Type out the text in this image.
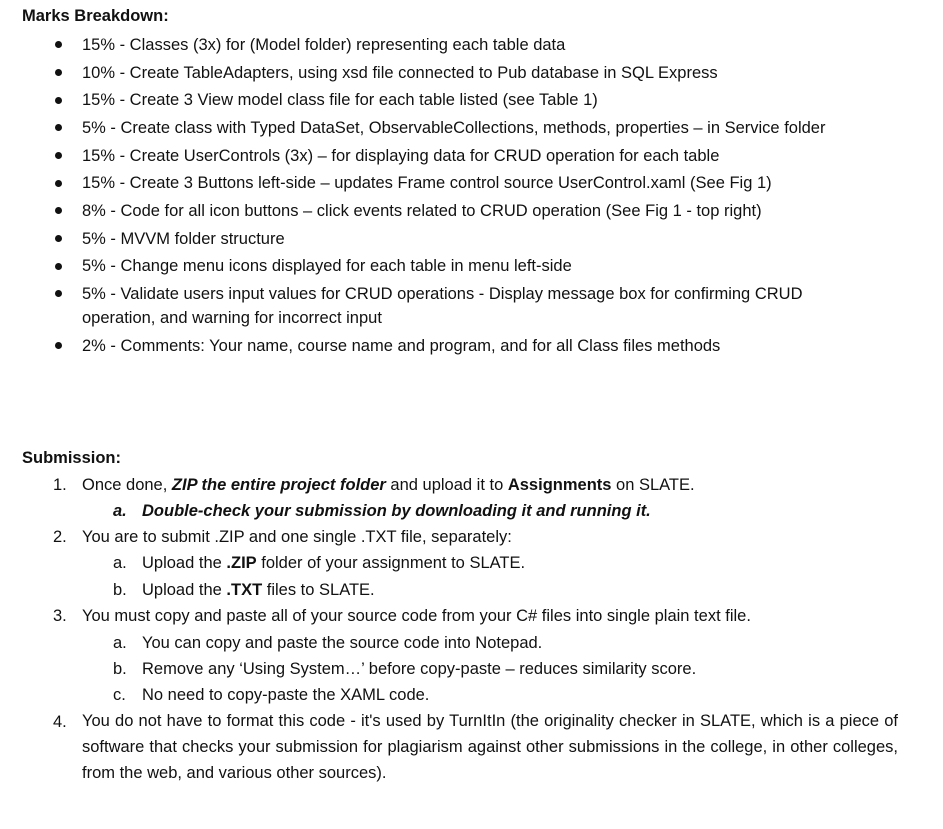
Marks Breakdown:
15% - Classes (3x) for (Model folder) representing each table data
10% - Create TableAdapters, using xsd file connected to Pub database in SQL Express
15% - Create 3 View model class file for each table listed (see Table 1)
5% - Create class with Typed DataSet, ObservableCollections, methods, properties – in Service folder
15% - Create UserControls (3x) – for displaying data for CRUD operation for each table
15% - Create 3 Buttons left-side – updates Frame control source UserControl.xaml (See Fig 1)
8% - Code for all icon buttons – click events related to CRUD operation (See Fig 1 - top right)
5% - MVVM folder structure
5% - Change menu icons displayed for each table in menu left-side
5% - Validate users input values for CRUD operations - Display message box for confirming CRUD
operation, and warning for incorrect input
2% - Comments: Your name, course name and program, and for all Class files methods
Submission:
1. Once done, ZIP the entire project folder and upload it to Assignments on SLATE.
a. Double-check your submission by downloading it and running it.
2. You are to submit .ZIP and one single .TXT file, separately:
a. Upload the .ZIP folder of your assignment to SLATE.
b. Upload the .TXT files to SLATE.
3. You must copy and paste all of your source code from your C# files into single plain text file.
a. You can copy and paste the source code into Notepad.
b. Remove any ‘Using System…’ before copy-paste – reduces similarity score.
c. No need to copy-paste the XAML code.
4. You do not have to format this code - it's used by TurnItIn (the originality checker in SLATE, which is a piece of software that checks your submission for plagiarism against other submissions in the college, in other colleges, from the web, and various other sources).
